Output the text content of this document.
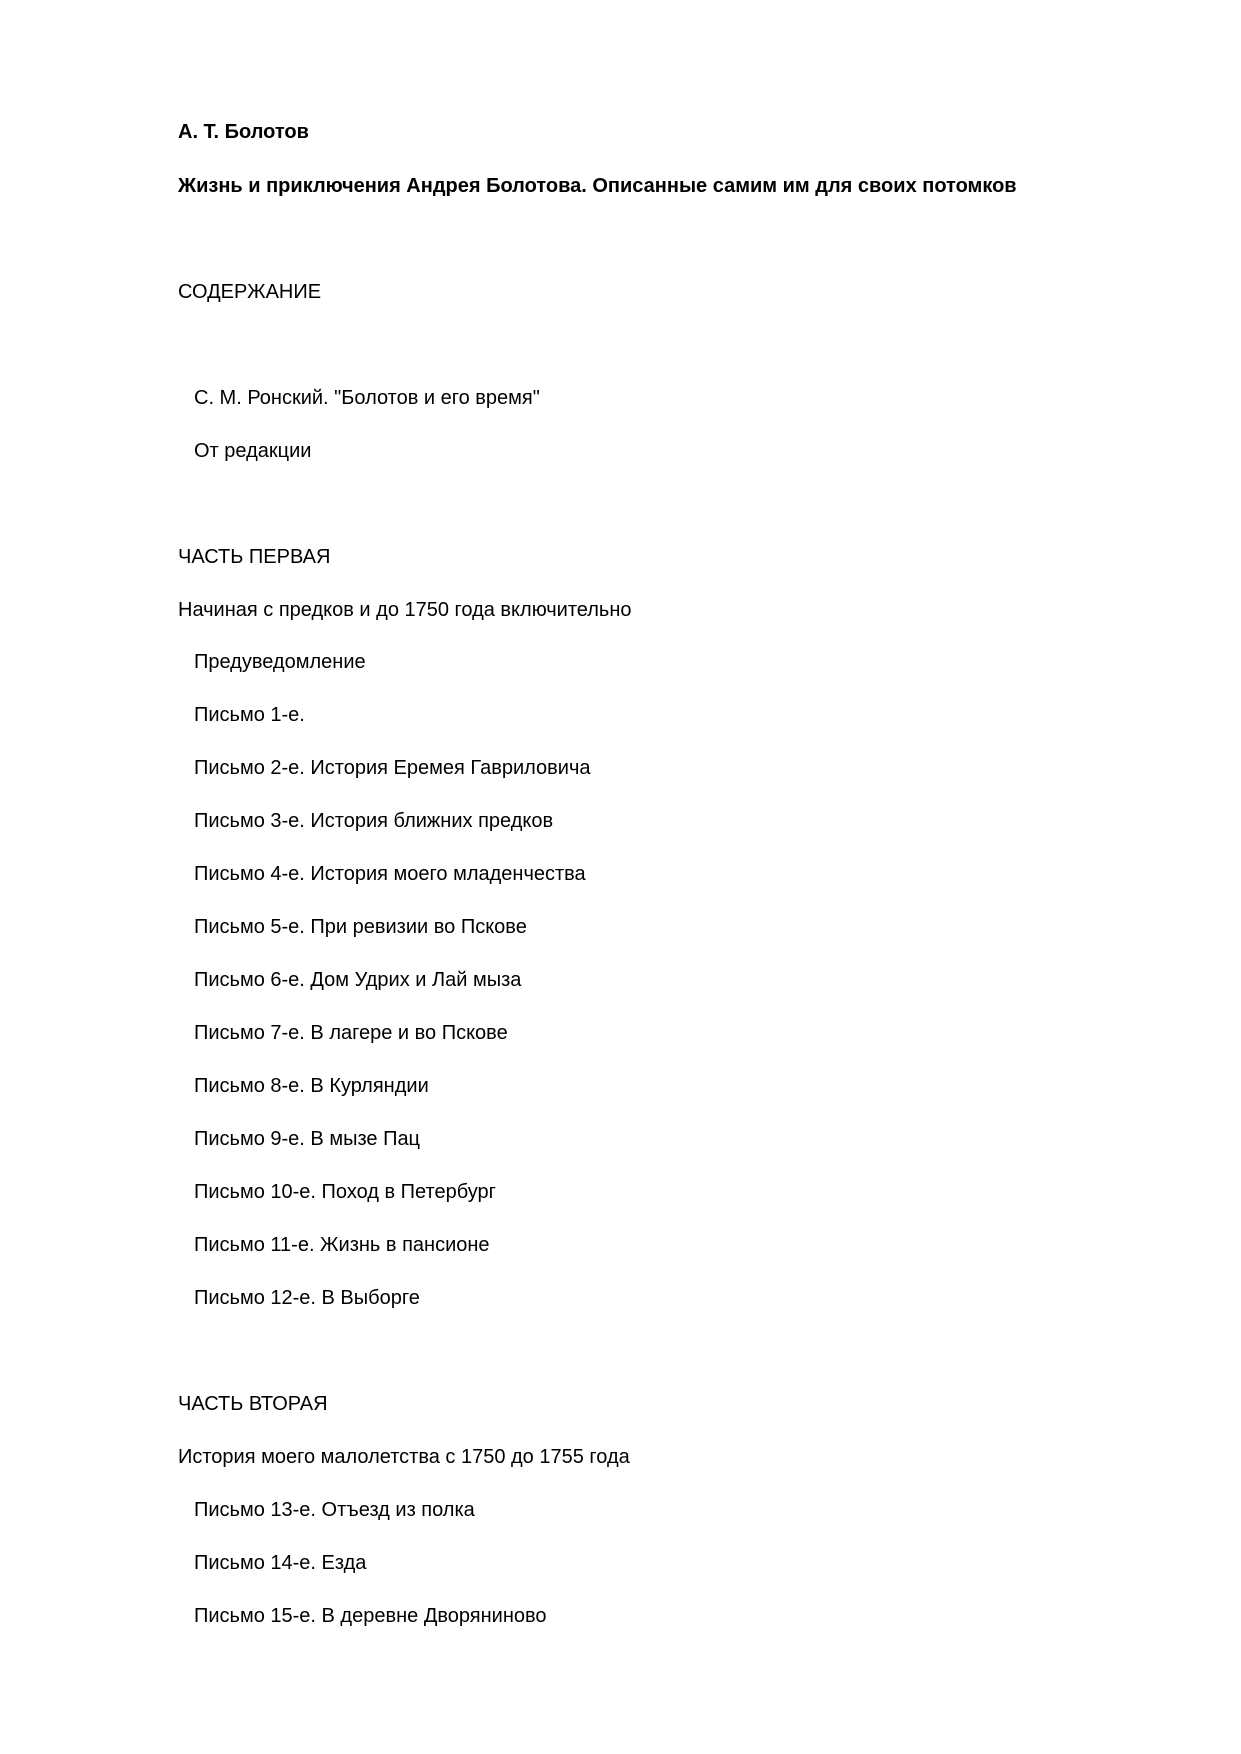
А. Т. Болотов

Жизнь и приключения Андрея Болотова. Описанные самим им для своих потомков

СОДЕРЖАНИЕ

С. М. Ронский. "Болотов и его время"

От редакции

ЧАСТЬ ПЕРВАЯ

Начиная с предков и до 1750 года включительно

Предуведомление

Письмо 1-е.

Письмо 2-е. История Еремея Гавриловича

Письмо 3-е. История ближних предков

Письмо 4-е. История моего младенчества

Письмо 5-е. При ревизии во Пскове

Письмо 6-е. Дом Удрих и Лай мыза

Письмо 7-е. В лагере и во Пскове

Письмо 8-е. В Курляндии

Письмо 9-е. В мызе Пац

Письмо 10-е. Поход в Петербург

Письмо 11-е. Жизнь в пансионе

Письмо 12-е. В Выборге

ЧАСТЬ ВТОРАЯ

История моего малолетства с 1750 до 1755 года

Письмо 13-е. Отъезд из полка

Письмо 14-е. Езда

Письмо 15-е. В деревне Дворяниново
